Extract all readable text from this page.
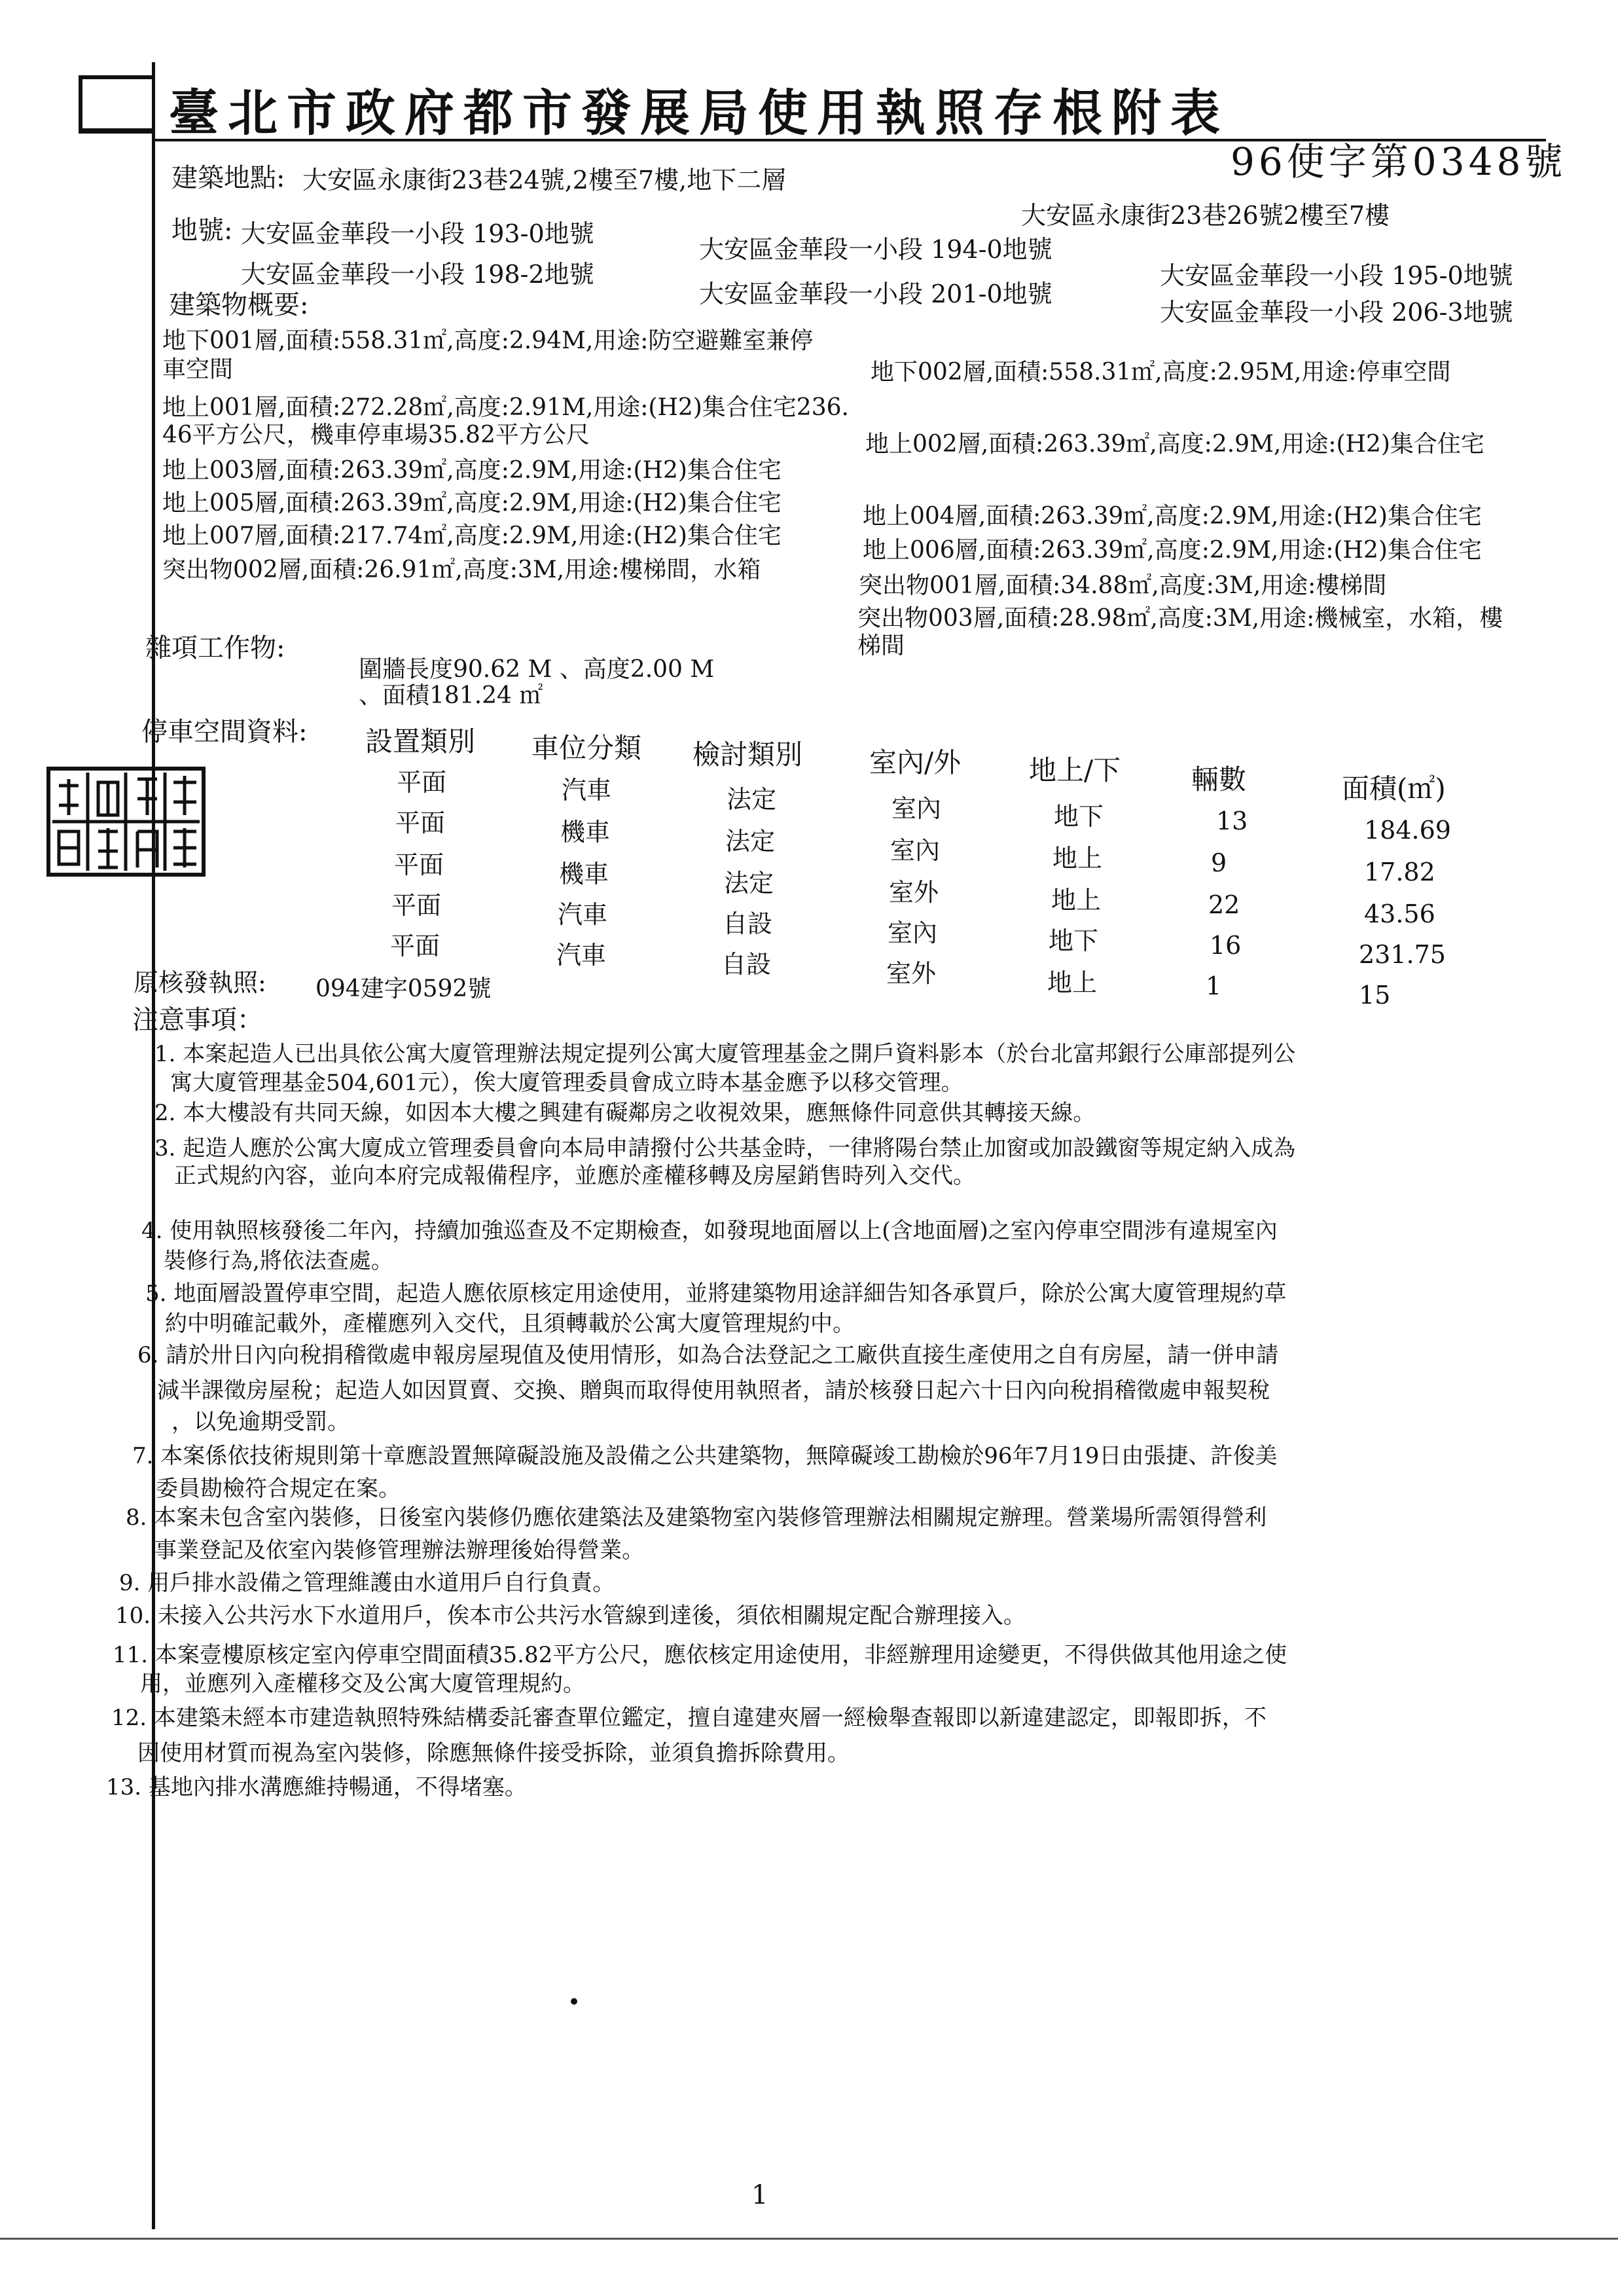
臺北市政府都市發展局使用執照存根附表
96使字第0348號
建築地點: 大安區永康街23巷24號,2樓至7樓,地下二層
大安區永康街23巷26號2樓至7樓
地號: 大安區金華段一小段 193-0地號
大安區金華段一小段 194-0地號
大安區金華段一小段 195-0地號
大安區金華段一小段 198-2地號
大安區金華段一小段 201-0地號
大安區金華段一小段 206-3地號
建築物概要:
地下001層,面積:558.31㎡,高度:2.94M,用途:防空避難室兼停
車空間	地下002層,面積:558.31㎡,高度:2.95M,用途:停車空間
地上001層,面積:272.28㎡,高度:2.91M,用途:(H2)集合住宅236.
46平方公尺，機車停車場35.82平方公尺	地上002層,面積:263.39㎡,高度:2.9M,用途:(H2)集合住宅
地上003層,面積:263.39㎡,高度:2.9M,用途:(H2)集合住宅
地上004層,面積:263.39㎡,高度:2.9M,用途:(H2)集合住宅
地上005層,面積:263.39㎡,高度:2.9M,用途:(H2)集合住宅
地上006層,面積:263.39㎡,高度:2.9M,用途:(H2)集合住宅
地上007層,面積:217.74㎡,高度:2.9M,用途:(H2)集合住宅
突出物001層,面積:34.88㎡,高度:3M,用途:樓梯間
突出物002層,面積:26.91㎡,高度:3M,用途:樓梯間，水箱
突出物003層,面積:28.98㎡,高度:3M,用途:機械室，水箱，樓
梯間
雜項工作物:
圍牆長度90.62 M 、高度2.00 M
、面積181.24 ㎡
停車空間資料: 設置類別 車位分類 檢討類別 室內/外 地上/下	輛數	面積(㎡)
平面	汽車	法定	室內	地下	13	184.69
平面	機車	法定	室內	地上	9	17.82
平面	機車	法定	室外	地上	22	43.56
平面	汽車	自設	室內	地下	16	231.75
平面	汽車	自設	室外	地上	1	15
原核發執照: 094建字0592號
注意事項：
1. 本案起造人已出具依公寓大廈管理辦法規定提列公寓大廈管理基金之開戶資料影本（於台北富邦銀行公庫部提列公
寓大廈管理基金504,601元），俟大廈管理委員會成立時本基金應予以移交管理。
2. 本大樓設有共同天線，如因本大樓之興建有礙鄰房之收視效果，應無條件同意供其轉接天線。
3. 起造人應於公寓大廈成立管理委員會向本局申請撥付公共基金時，一律將陽台禁止加窗或加設鐵窗等規定納入成為
正式規約內容，並向本府完成報備程序，並應於產權移轉及房屋銷售時列入交代。
4. 使用執照核發後二年內，持續加強巡查及不定期檢查，如發現地面層以上(含地面層)之室內停車空間涉有違規室內
裝修行為,將依法查處。
5. 地面層設置停車空間，起造人應依原核定用途使用，並將建築物用途詳細告知各承買戶，除於公寓大廈管理規約草
約中明確記載外，產權應列入交代，且須轉載於公寓大廈管理規約中。
6. 請於卅日內向稅捐稽徵處申報房屋現值及使用情形，如為合法登記之工廠供直接生產使用之自有房屋，請一併申請
減半課徵房屋稅；起造人如因買賣、交換、贈與而取得使用執照者，請於核發日起六十日內向稅捐稽徵處申報契稅
，以免逾期受罰。
7. 本案係依技術規則第十章應設置無障礙設施及設備之公共建築物，無障礙竣工勘檢於96年7月19日由張捷、許俊美
委員勘檢符合規定在案。
8. 本案未包含室內裝修，日後室內裝修仍應依建築法及建築物室內裝修管理辦法相關規定辦理。營業場所需領得營利
事業登記及依室內裝修管理辦法辦理後始得營業。
9. 用戶排水設備之管理維護由水道用戶自行負責。
10. 未接入公共污水下水道用戶，俟本市公共污水管線到達後，須依相關規定配合辦理接入。
11. 本案壹樓原核定室內停車空間面積35.82平方公尺，應依核定用途使用，非經辦理用途變更，不得供做其他用途之使
用，並應列入產權移交及公寓大廈管理規約。
12. 本建築未經本市建造執照特殊結構委託審查單位鑑定，擅自違建夾層一經檢舉查報即以新違建認定，即報即拆，不
因使用材質而視為室內裝修，除應無條件接受拆除，並須負擔拆除費用。
13. 基地內排水溝應維持暢通，不得堵塞。
1
